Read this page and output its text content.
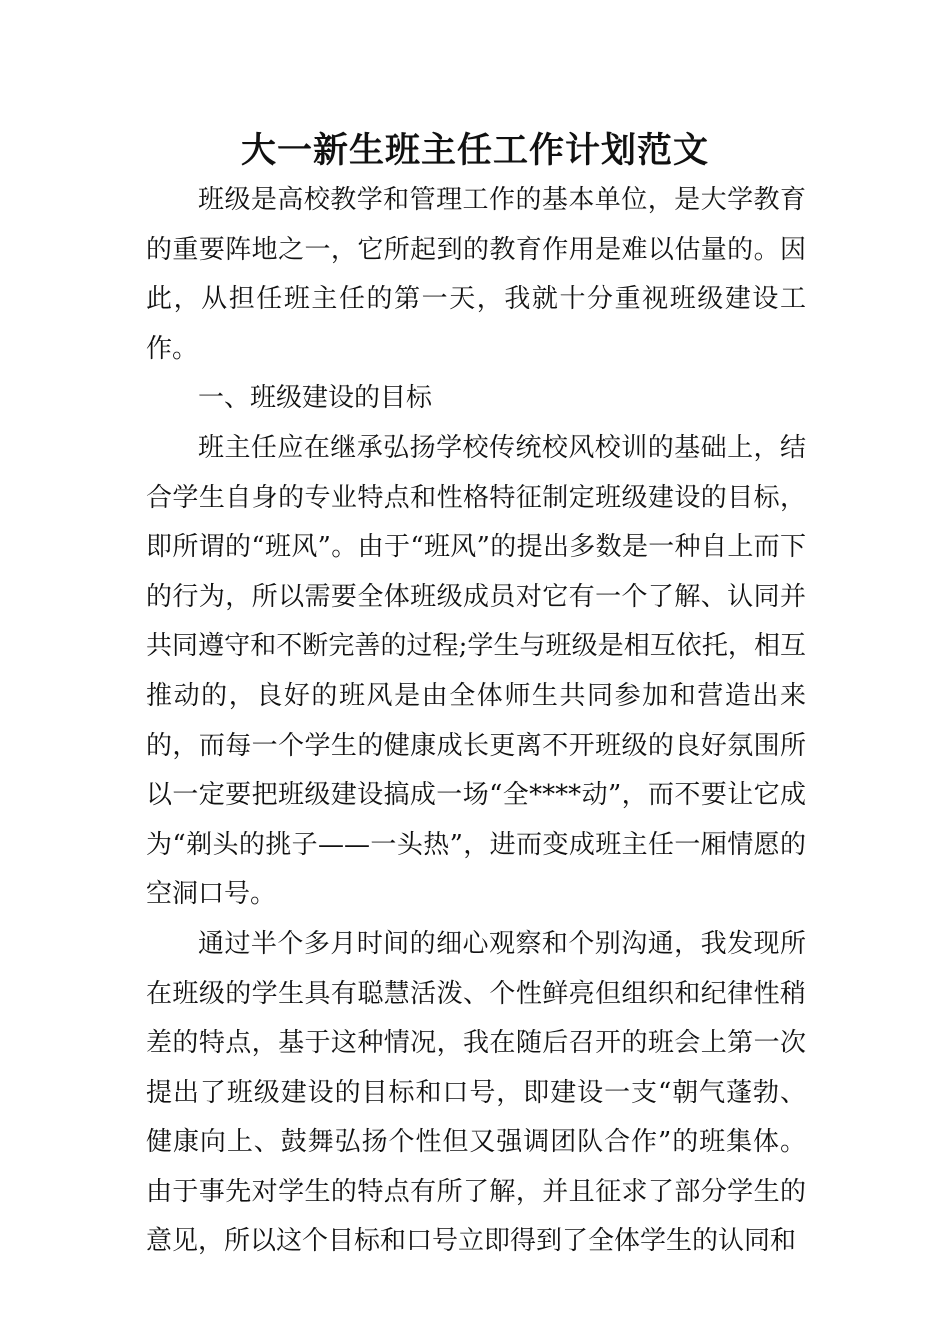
大一新生班主任工作计划范文

班级是高校教学和管理工作的基本单位，是大学教育的重要阵地之一，它所起到的教育作用是难以估量的。因此，从担任班主任的第一天，我就十分重视班级建设工作。

一、班级建设的目标

班主任应在继承弘扬学校传统校风校训的基础上，结合学生自身的专业特点和性格特征制定班级建设的目标，即所谓的“班风”。由于“班风”的提出多数是一种自上而下的行为，所以需要全体班级成员对它有一个了解、认同并共同遵守和不断完善的过程;学生与班级是相互依托，相互推动的，良好的班风是由全体师生共同参加和营造出来的，而每一个学生的健康成长更离不开班级的良好氛围所以一定要把班级建设搞成一场“全****动”，而不要让它成为“剃头的挑子——一头热”，进而变成班主任一厢情愿的空洞口号。

通过半个多月时间的细心观察和个别沟通，我发现所在班级的学生具有聪慧活泼、个性鲜亮但组织和纪律性稍差的特点，基于这种情况，我在随后召开的班会上第一次提出了班级建设的目标和口号，即建设一支“朝气蓬勃、健康向上、鼓舞弘扬个性但又强调团队合作”的班集体。由于事先对学生的特点有所了解，并且征求了部分学生的意见，所以这个目标和口号立即得到了全体学生的认同和
